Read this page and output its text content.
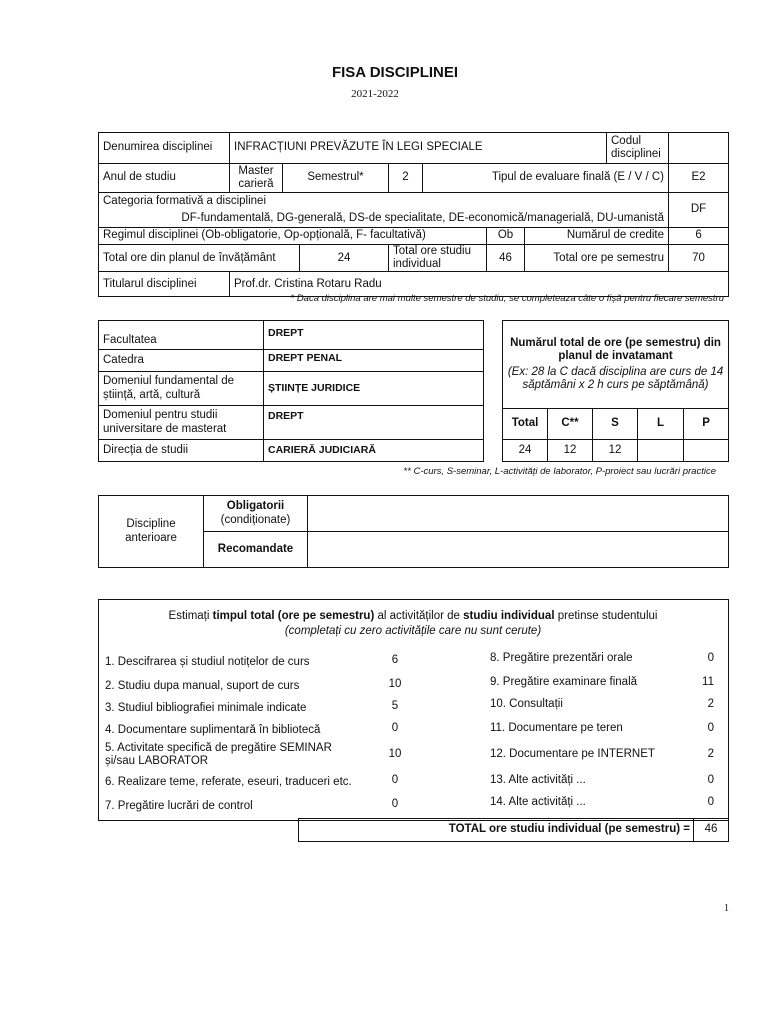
FISA DISCIPLINEI
2021-2022
Denumirea disciplinei	INFRACȚIUNI PREVĂZUTE ÎN LEGI SPECIALE							Codul disciplinei	
Anul de studiu	Master carieră	Semestrul*		2	Tipul de evaluare finală (E / V / C)				E2

Categoria formativă a disciplinei
DF-fundamentală, DG-generală, DS-de specialitate, DE-economică/managerială, DU-umanistă									DF
Regimul disciplinei (Ob-obligatorie, Op-opțională, F- facultativă)						Ob	Numărul de credite		6
Total ore din planul de învățământ			24	Total ore studiu individual		46	Total ore pe semestru		70
Titularul disciplinei	Prof.dr. Cristina Rotaru Radu								
* Daca disciplina are mai multe semestre de studiu, se completeaza câte o fișă pentru fiecare semestru
Facultatea	DREPT
Catedra	DREPT PENAL
Domeniul fundamental de știință, artă, cultură	ȘTIINȚE JURIDICE
Domeniul pentru studii universitare de masterat	DREPT
Direcția de studii	CARIERĂ JUDICIARĂ
Numărul total de ore (pe semestru) din planul de invatamant
(Ex: 28 la C dacă disciplina are curs de 14 săptămâni x 2 h curs pe săptămână)				

Total	C**	S	L	P
24	12	12		
** C-curs, S-seminar, L-activități de laborator, P-proiect sau lucrări practice
Discipline anterioare	Obligatorii
(condiționate)	

	Recomandate	
Estimați timpul total (ore pe semestru) al activităților de studiu individual pretinse studentului
(completați cu zero activitățile care nu sunt cerute)
1. Descifrarea și studiul notițelor de curs	6
2. Studiu dupa manual, suport de curs	10
3. Studiul bibliografiei minimale indicate	5
4. Documentare suplimentară în bibliotecă	0
5. Activitate specifică de pregătire SEMINAR și/sau LABORATOR
10
6. Realizare teme, referate, eseuri, traduceri etc.	0
7. Pregătire lucrări de control	0
8. Pregătire prezentări orale	0
9. Pregătire examinare finală	11
10. Consultații	2
11. Documentare pe teren	0
12. Documentare pe INTERNET	2
13. Alte activități ...	0
14. Alte activități ...	0
TOTAL ore studiu individual (pe semestru) =	46
1
